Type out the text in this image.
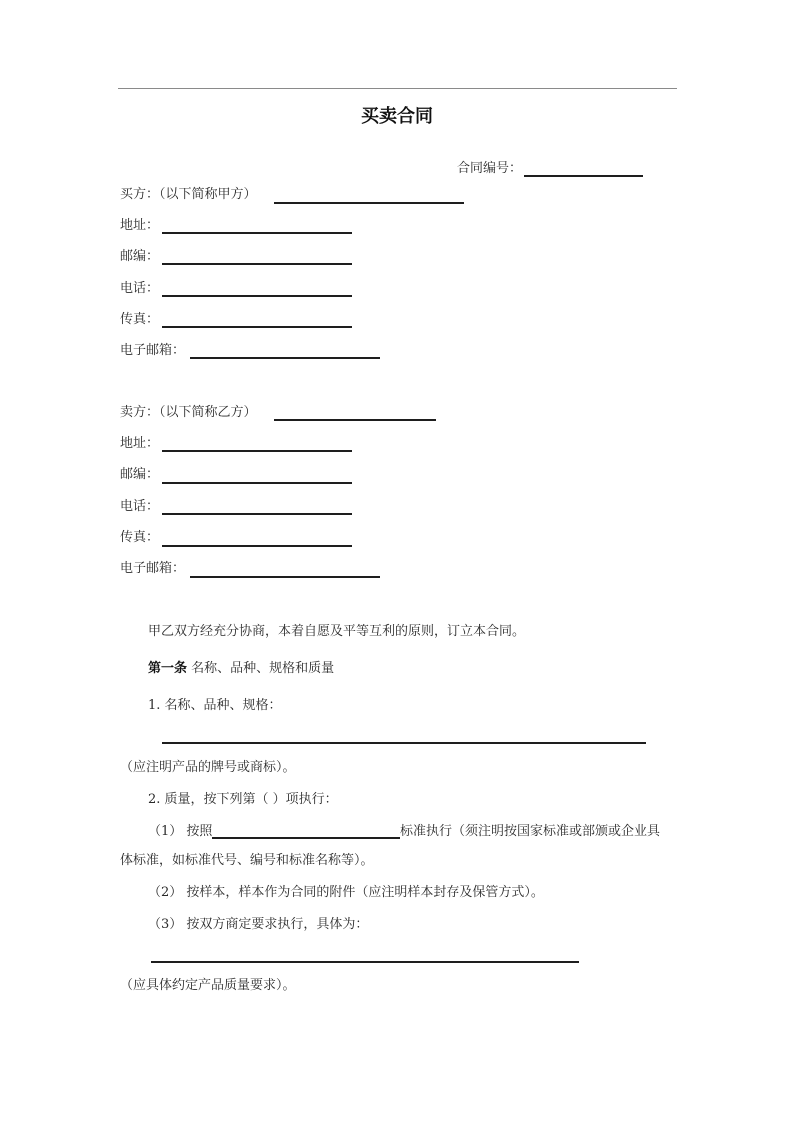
买卖合同
合同编号：
买方：（以下简称甲方）
地址：
邮编：
电话：
传真：
电子邮箱：
卖方：（以下简称乙方）
地址：
邮编：
电话：
传真：
电子邮箱：
甲乙双方经充分协商，本着自愿及平等互利的原则，订立本合同。
第一条 名称、品种、规格和质量
1. 名称、品种、规格：
（应注明产品的牌号或商标）。
2. 质量，按下列第（ ）项执行：
（1） 按照	标准执行（须注明按国家标准或部颁或企业具
体标准，如标准代号、编号和标准名称等）。
（2） 按样本，样本作为合同的附件（应注明样本封存及保管方式）。
（3） 按双方商定要求执行，具体为：
（应具体约定产品质量要求）。
